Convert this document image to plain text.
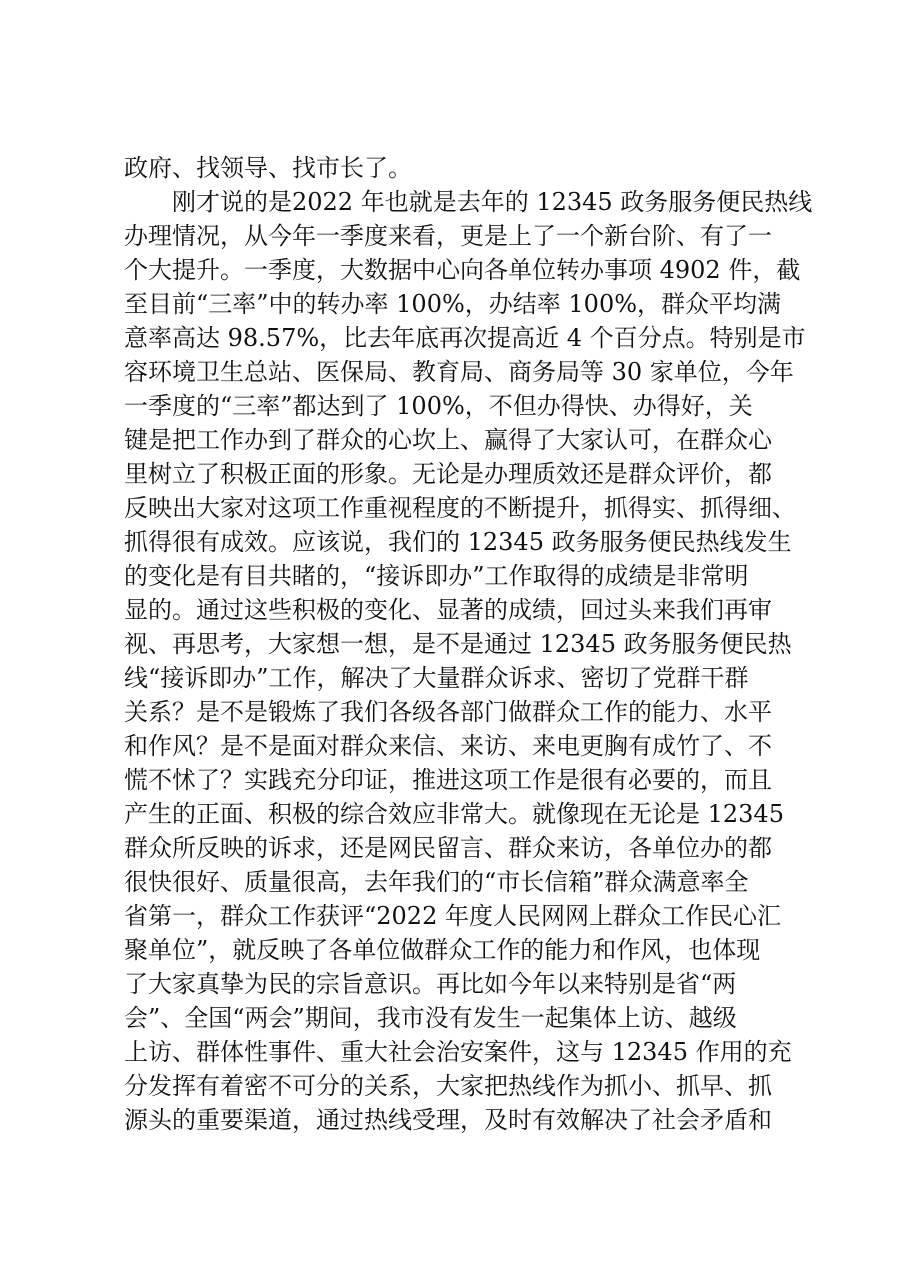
政府、找领导、找市长了。
刚才说的是2022 年也就是去年的 12345 政务服务便民热线
办理情况，从今年一季度来看，更是上了一个新台阶、有了一
个大提升。一季度，大数据中心向各单位转办事项 4902 件，截
至目前“三率”中的转办率 100%，办结率 100%，群众平均满
意率高达 98.57%，比去年底再次提高近 4 个百分点。特别是市
容环境卫生总站、医保局、教育局、商务局等 30 家单位，今年
一季度的“三率”都达到了 100%，不但办得快、办得好，关
键是把工作办到了群众的心坎上、赢得了大家认可，在群众心
里树立了积极正面的形象。无论是办理质效还是群众评价，都
反映出大家对这项工作重视程度的不断提升，抓得实、抓得细、
抓得很有成效。应该说，我们的 12345 政务服务便民热线发生
的变化是有目共睹的，“接诉即办”工作取得的成绩是非常明
显的。通过这些积极的变化、显著的成绩，回过头来我们再审
视、再思考，大家想一想，是不是通过 12345 政务服务便民热
线“接诉即办”工作，解决了大量群众诉求、密切了党群干群
关系？是不是锻炼了我们各级各部门做群众工作的能力、水平
和作风？是不是面对群众来信、来访、来电更胸有成竹了、不
慌不怵了？实践充分印证，推进这项工作是很有必要的，而且
产生的正面、积极的综合效应非常大。就像现在无论是 12345
群众所反映的诉求，还是网民留言、群众来访，各单位办的都
很快很好、质量很高，去年我们的“市长信箱”群众满意率全
省第一，群众工作获评“2022 年度人民网网上群众工作民心汇
聚单位”，就反映了各单位做群众工作的能力和作风，也体现
了大家真挚为民的宗旨意识。再比如今年以来特别是省“两
会”、全国“两会”期间，我市没有发生一起集体上访、越级
上访、群体性事件、重大社会治安案件，这与 12345 作用的充
分发挥有着密不可分的关系，大家把热线作为抓小、抓早、抓
源头的重要渠道，通过热线受理，及时有效解决了社会矛盾和
